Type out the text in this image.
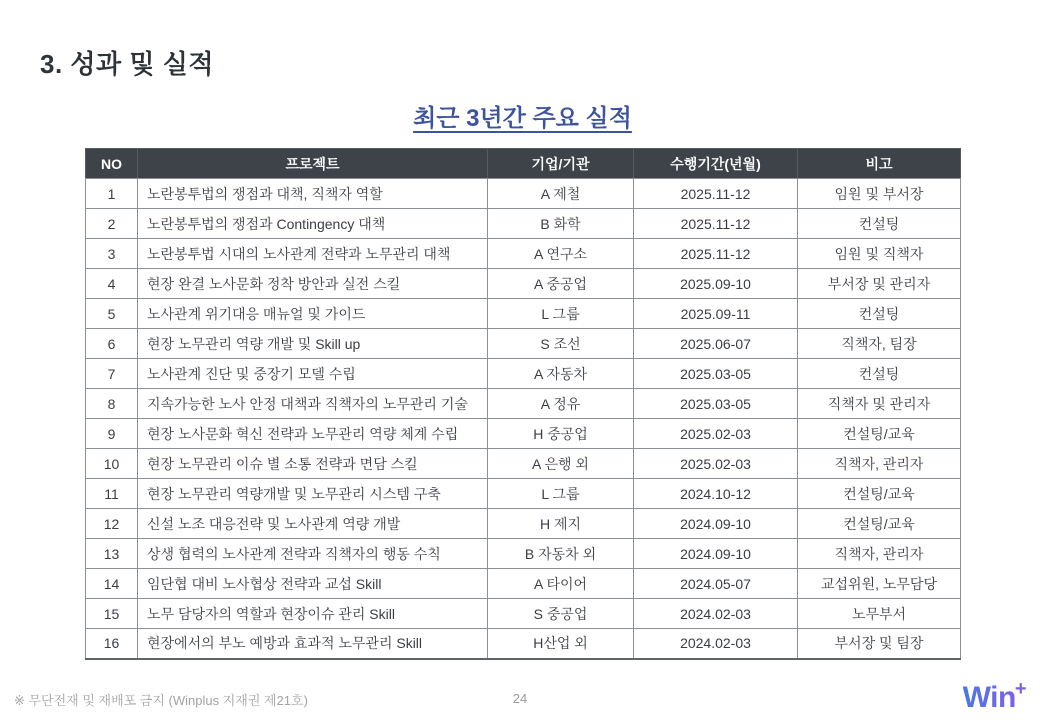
3. 성과 및 실적
최근 3년간 주요 실적
NO	프로젝트	기업/기관	수행기간(년월)	비고
1	노란봉투법의 쟁점과 대책, 직책자 역할	A 제철	2025.11-12	임원 및 부서장
2	노란봉투법의 쟁점과 Contingency 대책	B 화학	2025.11-12	컨설팅
3	노란봉투법 시대의 노사관계 전략과 노무관리 대책	A 연구소	2025.11-12	임원 및 직책자
4	현장 완결 노사문화 정착 방안과 실전 스킬	A 중공업	2025.09-10	부서장 및 관리자
5	노사관계 위기대응 매뉴얼 및 가이드	L 그룹	2025.09-11	컨설팅
6	현장 노무관리 역량 개발 및 Skill up	S 조선	2025.06-07	직책자, 팀장
7	노사관계 진단 및 중장기 모델 수립	A 자동차	2025.03-05	컨설팅
8	지속가능한 노사 안정 대책과 직책자의 노무관리 기술	A 정유	2025.03-05	직책자 및 관리자
9	현장 노사문화 혁신 전략과 노무관리 역량 체계 수립	H 중공업	2025.02-03	컨설팅/교육
10	현장 노무관리 이슈 별 소통 전략과 면담 스킬	A 은행 외	2025.02-03	직책자, 관리자
11	현장 노무관리 역량개발 및 노무관리 시스템 구축	L 그룹	2024.10-12	컨설팅/교육
12	신설 노조 대응전략 및 노사관계 역량 개발	H 제지	2024.09-10	컨설팅/교육
13	상생 협력의 노사관계 전략과 직책자의 행동 수칙	B 자동차 외	2024.09-10	직책자, 관리자
14	임단협 대비 노사협상 전략과 교섭 Skill	A 타이어	2024.05-07	교섭위원, 노무담당
15	노무 담당자의 역할과 현장이슈 관리 Skill	S 중공업	2024.02-03	노무부서
16	현장에서의 부노 예방과 효과적 노무관리 Skill	H산업 외	2024.02-03	부서장 및 팀장
※ 무단전재 및 재배포 금지 (Winplus 지재권 제21호)	24	Win+
